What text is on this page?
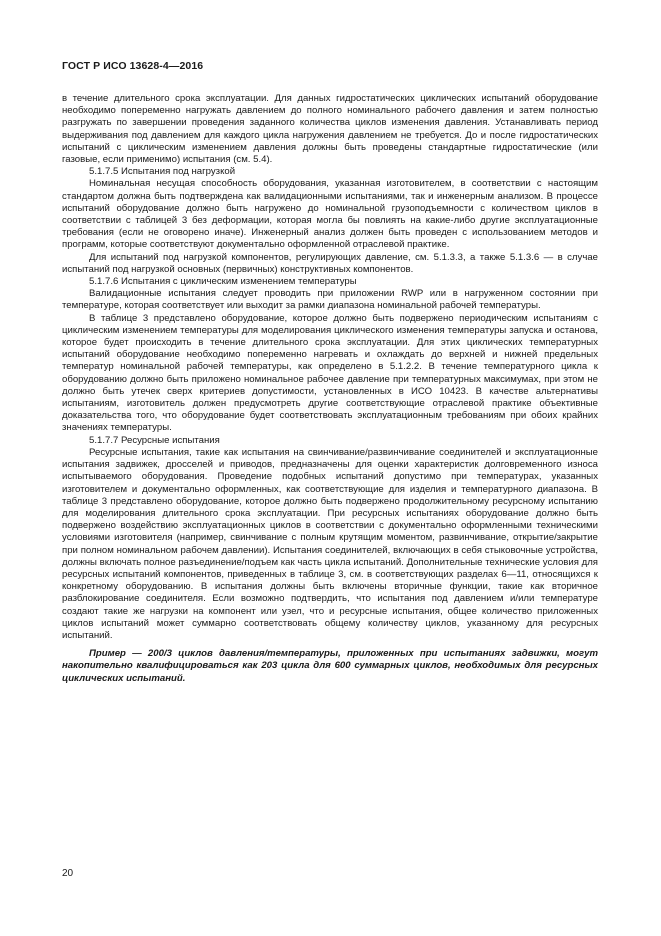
ГОСТ Р ИСО 13628-4—2016

в течение длительного срока эксплуатации. Для данных гидростатических циклических испытаний оборудование необходимо попеременно нагружать давлением до полного номинального рабочего давления и затем полностью разгружать по завершении проведения заданного количества циклов изменения давления. Устанавливать период выдерживания под давлением для каждого цикла нагружения давлением не требуется. До и после гидростатических испытаний с циклическим изменением давления должны быть проведены стандартные гидростатические (или газовые, если применимо) испытания (см. 5.4).

5.1.7.5 Испытания под нагрузкой

Номинальная несущая способность оборудования, указанная изготовителем, в соответствии с настоящим стандартом должна быть подтверждена как валидационными испытаниями, так и инженерным анализом. В процессе испытаний оборудование должно быть нагружено до номинальной грузоподъемности с количеством циклов в соответствии с таблицей 3 без деформации, которая могла бы повлиять на какие-либо другие эксплуатационные требования (если не оговорено иначе). Инженерный анализ должен быть проведен с использованием методов и программ, которые соответствуют документально оформленной отраслевой практике.

Для испытаний под нагрузкой компонентов, регулирующих давление, см. 5.1.3.3, а также 5.1.3.6 — в случае испытаний под нагрузкой основных (первичных) конструктивных компонентов.

5.1.7.6 Испытания с циклическим изменением температуры

Валидационные испытания следует проводить при приложении RWP или в нагруженном состоянии при температуре, которая соответствует или выходит за рамки диапазона номинальной рабочей температуры.

В таблице 3 представлено оборудование, которое должно быть подвержено периодическим испытаниям с циклическим изменением температуры для моделирования циклического изменения температуры запуска и останова, которое будет происходить в течение длительного срока эксплуатации. Для этих циклических температурных испытаний оборудование необходимо попеременно нагревать и охлаждать до верхней и нижней предельных температур номинальной рабочей температуры, как определено в 5.1.2.2. В течение температурного цикла к оборудованию должно быть приложено номинальное рабочее давление при температурных максимумах, при этом не должно быть утечек сверх критериев допустимости, установленных в ИСО 10423. В качестве альтернативы испытаниям, изготовитель должен предусмотреть другие соответствующие отраслевой практике объективные доказательства того, что оборудование будет соответствовать эксплуатационным требованиям при обоих крайних значениях температуры.

5.1.7.7 Ресурсные испытания

Ресурсные испытания, такие как испытания на свинчивание/развинчивание соединителей и эксплуатационные испытания задвижек, дросселей и приводов, предназначены для оценки характеристик долговременного износа испытываемого оборудования. Проведение подобных испытаний допустимо при температурах, указанных изготовителем и документально оформленных, как соответствующие для изделия и температурного диапазона. В таблице 3 представлено оборудование, которое должно быть подвержено продолжительному ресурсному испытанию для моделирования длительного срока эксплуатации. При ресурсных испытаниях оборудование должно быть подвержено воздействию эксплуатационных циклов в соответствии с документально оформленными техническими условиями изготовителя (например, свинчивание с полным крутящим моментом, развинчивание, открытие/закрытие при полном номинальном рабочем давлении). Испытания соединителей, включающих в себя стыковочные устройства, должны включать полное разъединение/подъем как часть цикла испытаний. Дополнительные технические условия для ресурсных испытаний компонентов, приведенных в таблице 3, см. в соответствующих разделах 6—11, относящихся к конкретному оборудованию. В испытания должны быть включены вторичные функции, такие как вторичное разблокирование соединителя. Если возможно подтвердить, что испытания под давлением и/или температуре создают такие же нагрузки на компонент или узел, что и ресурсные испытания, общее количество приложенных циклов испытаний может суммарно соответствовать общему количеству циклов, указанному для ресурсных испытаний.

Пример — 200/3 циклов давления/температуры, приложенных при испытаниях задвижки, могут накопительно квалифицироваться как 203 цикла для 600 суммарных циклов, необходимых для ресурсных циклических испытаний.

20
